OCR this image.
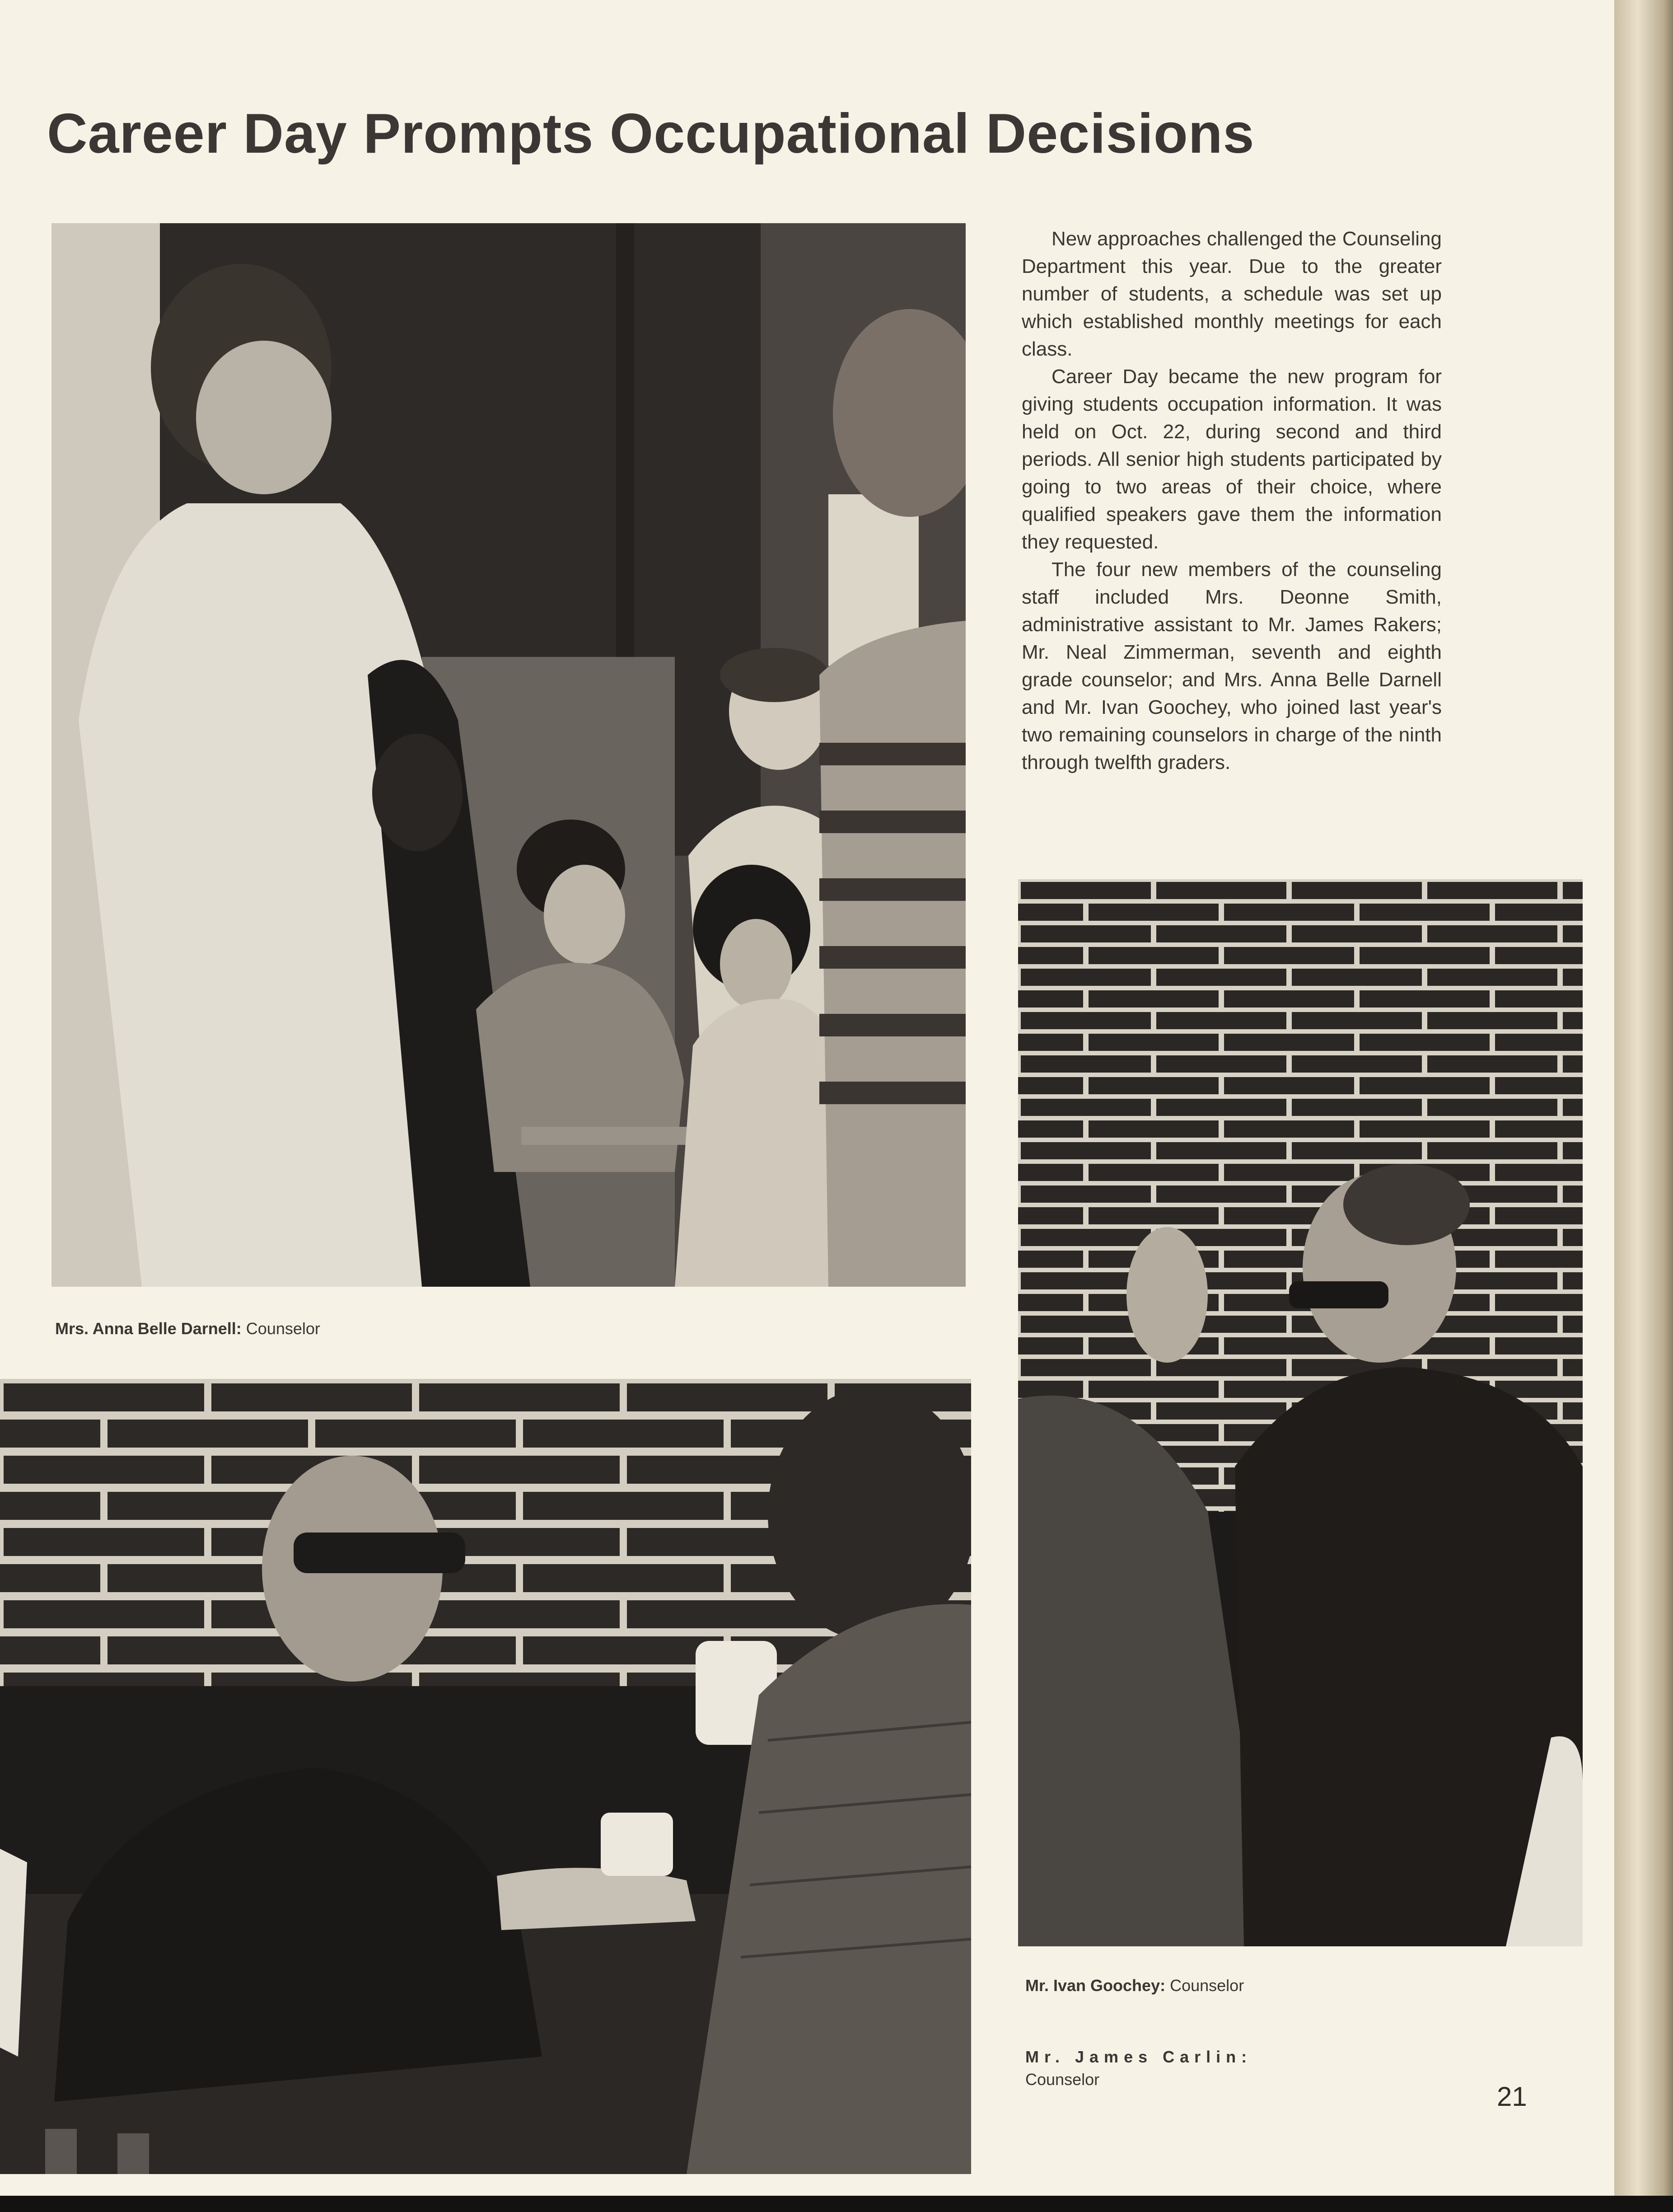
Career Day Prompts Occupational Decisions

New approaches challenged the Counseling Department this year. Due to the greater number of students, a schedule was set up which established monthly meetings for each class.

Career Day became the new program for giving students occupation information. It was held on Oct. 22, during second and third periods. All senior high students participated by going to two areas of their choice, where qualified speakers gave them the information they requested.

The four new members of the counseling staff included Mrs. Deonne Smith, administrative assistant to Mr. James Rakers; Mr. Neal Zimmerman, seventh and eighth grade counselor; and Mrs. Anna Belle Darnell and Mr. Ivan Goochey, who joined last year's two remaining counselors in charge of the ninth through twelfth graders.

Mrs. Anna Belle Darnell: Counselor
Mr. Ivan Goochey: Counselor
Mr. James Carlin:
Counselor
21
